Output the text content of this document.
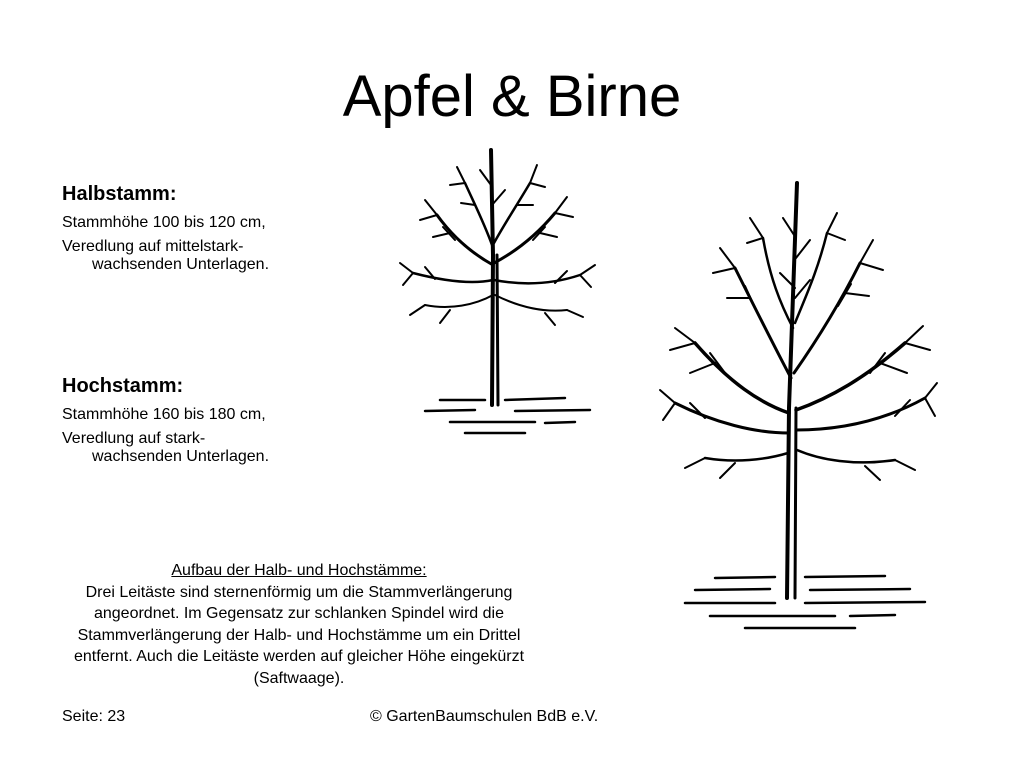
Apfel & Birne
Halbstamm:

Stammhöhe 100 bis 120 cm,

Veredlung auf mittelstark-

wachsenden Unterlagen.

Hochstamm:

Stammhöhe 160 bis 180 cm,

Veredlung auf stark-

wachsenden Unterlagen.

Aufbau der Halb- und Hochstämme:
Drei Leitäste sind sternenförmig um die Stammverlängerung
angeordnet. Im Gegensatz zur schlanken Spindel wird die
Stammverlängerung der Halb- und Hochstämme um ein Drittel
entfernt. Auch die Leitäste werden auf gleicher Höhe eingekürzt
(Saftwaage).
Seite: 23	© GartenBaumschulen BdB e.V.
